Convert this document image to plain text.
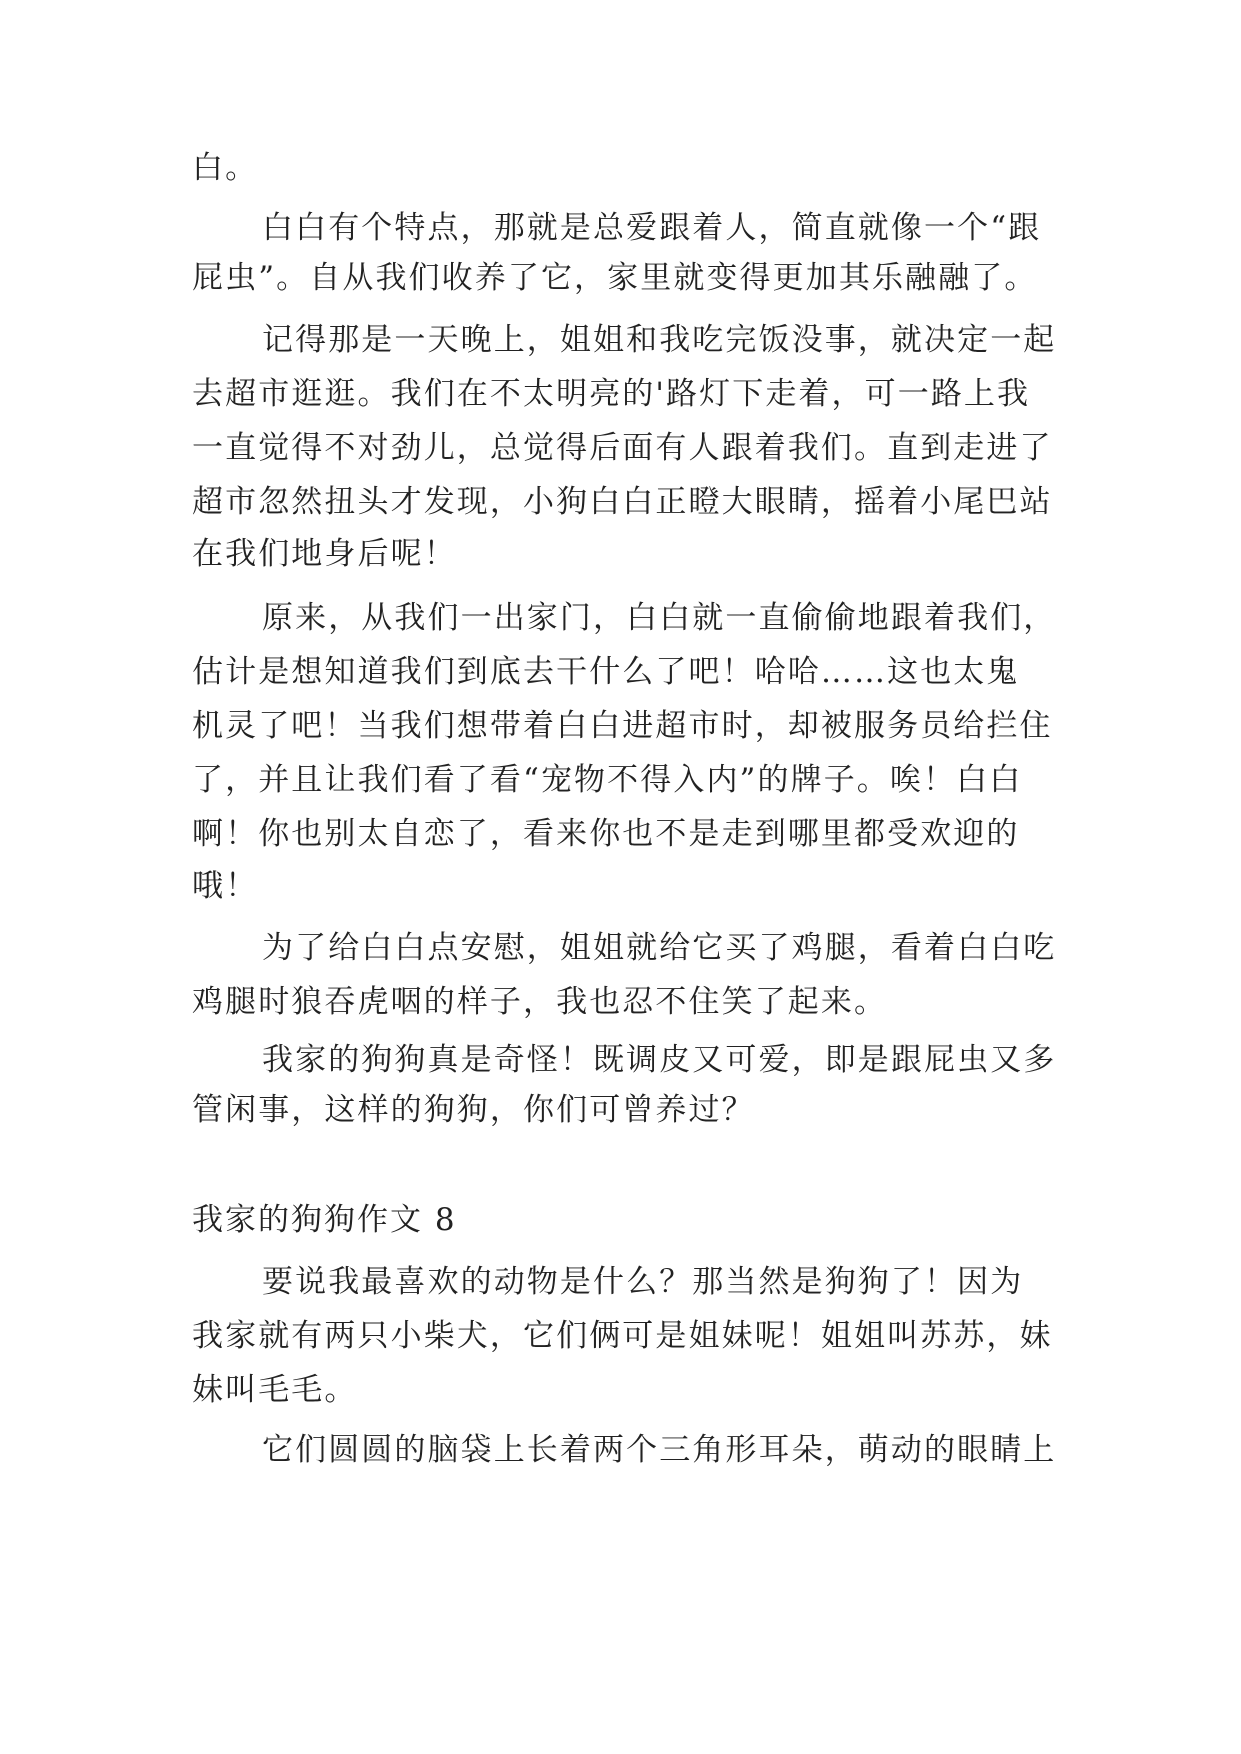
白。
白白有个特点，那就是总爱跟着人，简直就像一个“跟
屁虫”。自从我们收养了它，家里就变得更加其乐融融了。
记得那是一天晚上，姐姐和我吃完饭没事，就决定一起
去超市逛逛。我们在不太明亮的'路灯下走着，可一路上我
一直觉得不对劲儿，总觉得后面有人跟着我们。直到走进了
超市忽然扭头才发现，小狗白白正瞪大眼睛，摇着小尾巴站
在我们地身后呢！
原来，从我们一出家门，白白就一直偷偷地跟着我们，
估计是想知道我们到底去干什么了吧！哈哈……这也太鬼
机灵了吧！当我们想带着白白进超市时，却被服务员给拦住
了，并且让我们看了看“宠物不得入内”的牌子。唉！白白
啊！你也别太自恋了，看来你也不是走到哪里都受欢迎的
哦！
为了给白白点安慰，姐姐就给它买了鸡腿，看着白白吃
鸡腿时狼吞虎咽的样子，我也忍不住笑了起来。
我家的狗狗真是奇怪！既调皮又可爱，即是跟屁虫又多
管闲事，这样的狗狗，你们可曾养过？
我家的狗狗作文 8
要说我最喜欢的动物是什么？那当然是狗狗了！因为
我家就有两只小柴犬，它们俩可是姐妹呢！姐姐叫苏苏，妹
妹叫毛毛。
它们圆圆的脑袋上长着两个三角形耳朵，萌动的眼睛上
